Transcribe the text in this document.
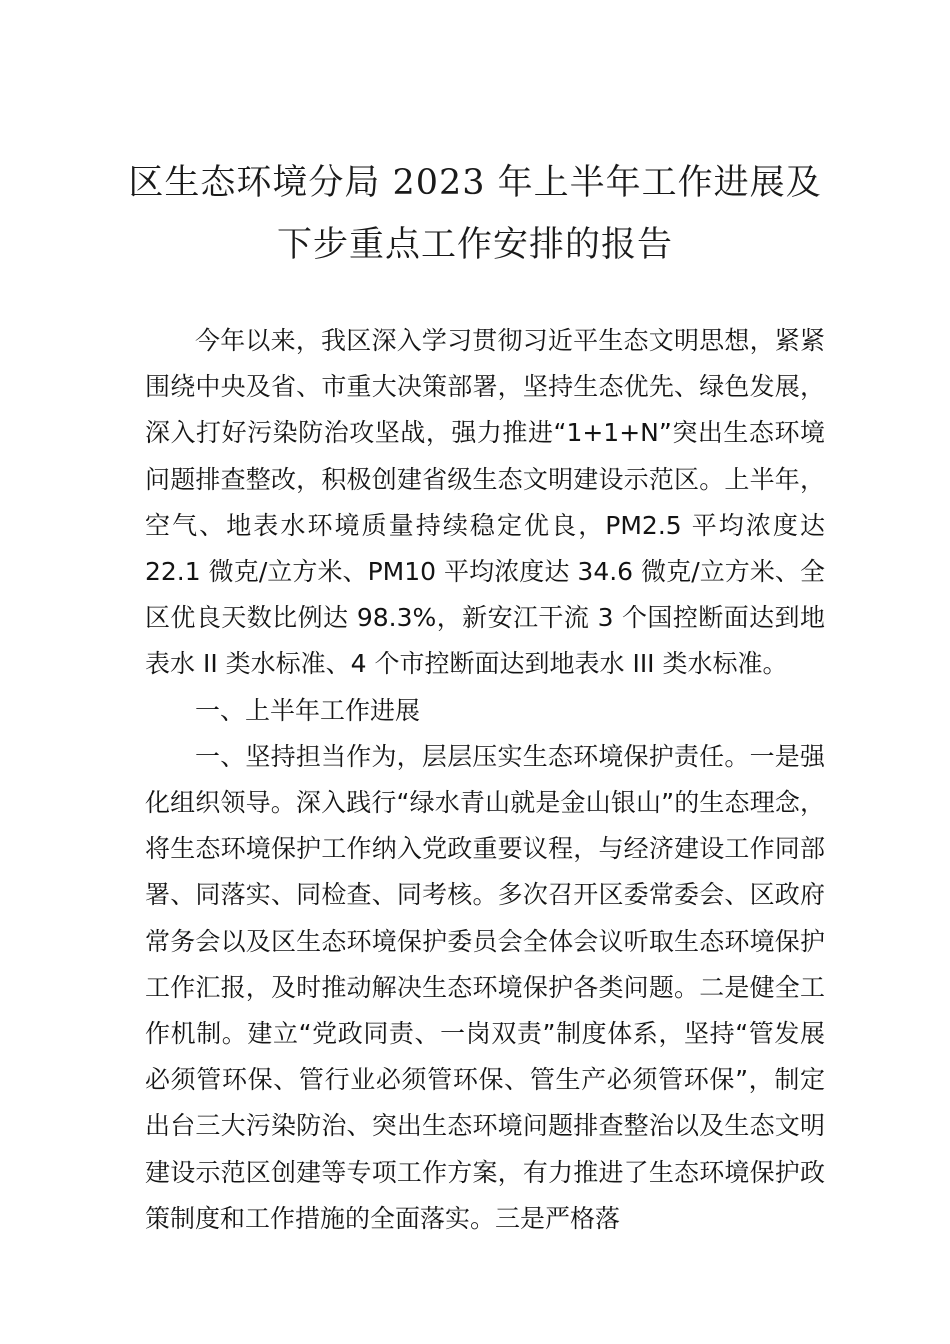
区生态环境分局 2023 年上半年工作进展及
下步重点工作安排的报告

今年以来，我区深入学习贯彻习近平生态文明思想，紧紧围绕中央及省、市重大决策部署，坚持生态优先、绿色发展，深入打好污染防治攻坚战，强力推进“1+1+N”突出生态环境问题排查整改，积极创建省级生态文明建设示范区。上半年，空气、地表水环境质量持续稳定优良，PM2.5 平均浓度达 22.1 微克/立方米、PM10 平均浓度达 34.6 微克/立方米、全区优良天数比例达 98.3%，新安江干流 3 个国控断面达到地表水 II 类水标准、4 个市控断面达到地表水 III 类水标准。

一、上半年工作进展

一、坚持担当作为，层层压实生态环境保护责任。一是强化组织领导。深入践行“绿水青山就是金山银山”的生态理念，将生态环境保护工作纳入党政重要议程，与经济建设工作同部署、同落实、同检查、同考核。多次召开区委常委会、区政府常务会以及区生态环境保护委员会全体会议听取生态环境保护工作汇报，及时推动解决生态环境保护各类问题。二是健全工作机制。建立“党政同责、一岗双责”制度体系，坚持“管发展必须管环保、管行业必须管环保、管生产必须管环保”，制定出台三大污染防治、突出生态环境问题排查整治以及生态文明建设示范区创建等专项工作方案，有力推进了生态环境保护政策制度和工作措施的全面落实。三是严格落
